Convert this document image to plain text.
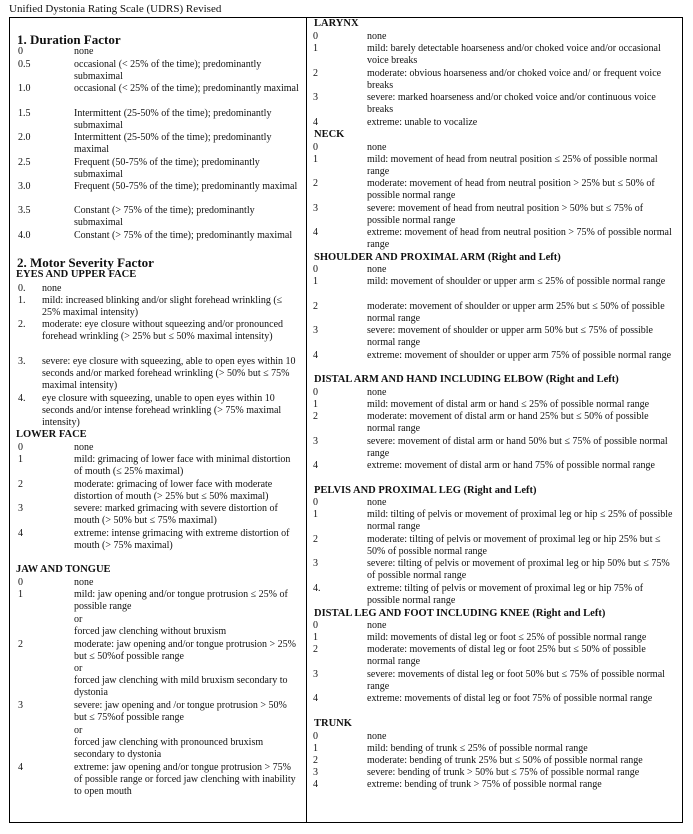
Unified Dystonia Rating Scale (UDRS) Revised
1. Duration Factor
0	none
0.5	occasional (< 25% of the time); predominantly submaximal
1.0	occasional (< 25% of the time); predominantly maximal
1.5	Intermittent (25-50% of the time); predominantly submaximal
2.0	Intermittent (25-50% of the time); predominantly maximal
2.5	Frequent (50-75% of the time); predominantly submaximal
3.0	Frequent (50-75% of the time); predominantly maximal
3.5	Constant (> 75% of the time); predominantly submaximal
4.0	Constant (> 75% of the time); predominantly maximal
2. Motor Severity Factor
EYES AND UPPER FACE
0. none
1. mild: increased blinking and/or slight forehead wrinkling (≤ 25% maximal intensity)
2. moderate: eye closure without squeezing and/or pronounced forehead wrinkling (> 25% but ≤ 50% maximal intensity)
3. severe: eye closure with squeezing, able to open eyes within 10 seconds and/or marked forehead wrinkling (> 50% but ≤ 75% maximal intensity)
4. eye closure with squeezing, unable to open eyes within 10 seconds and/or intense forehead wrinkling (> 75% maximal intensity)
LOWER FACE
0	none
1	mild: grimacing of lower face with minimal distortion of mouth (≤ 25% maximal)
2	moderate: grimacing of lower face with moderate distortion of mouth (> 25% but ≤ 50% maximal)
3	severe: marked grimacing with severe distortion of mouth (> 50% but ≤ 75% maximal)
4	extreme: intense grimacing with extreme distortion of mouth (> 75% maximal)
JAW AND TONGUE
0	none
1	mild: jaw opening and/or tongue protrusion ≤ 25% of possible range
or
forced jaw clenching without bruxism
2	moderate: jaw opening and/or tongue protrusion > 25% but ≤ 50%of possible range
or
forced jaw clenching with mild bruxism secondary to dystonia
3	severe: jaw opening and /or tongue protrusion > 50% but ≤ 75%of possible range
or
forced jaw clenching with pronounced bruxism secondary to dystonia
4	extreme: jaw opening and/or tongue protrusion > 75% of possible range or forced jaw clenching with inability to open mouth
LARYNX
0	none
1	mild: barely detectable hoarseness and/or choked voice and/or occasional voice breaks
2	moderate: obvious hoarseness and/or choked voice and/ or frequent voice breaks
3	severe: marked hoarseness and/or choked voice and/or continuous voice breaks
4	extreme: unable to vocalize
NECK
0	none
1	mild: movement of head from neutral position ≤ 25% of possible normal range
2	moderate: movement of head from neutral position > 25% but ≤ 50% of possible normal range
3	severe: movement of head from neutral position > 50% but ≤ 75% of possible normal range
4	extreme: movement of head from neutral position > 75% of possible normal range
SHOULDER AND PROXIMAL ARM (Right and Left)
0	none
1	mild: movement of shoulder or upper arm ≤ 25% of possible normal range
2	moderate: movement of shoulder or upper arm 25% but ≤ 50% of possible normal range
3	severe: movement of shoulder or upper arm 50% but ≤ 75% of possible normal range
4	extreme: movement of shoulder or upper arm 75% of possible normal range
DISTAL ARM AND HAND INCLUDING ELBOW (Right and Left)
0	none
1	mild: movement of distal arm or hand ≤ 25% of possible normal range
2	moderate: movement of distal arm or hand 25% but ≤ 50% of possible normal range
3	severe: movement of distal arm or hand 50% but ≤ 75% of possible normal range
4	extreme: movement of distal arm or hand 75% of possible normal range
PELVIS AND PROXIMAL LEG (Right and Left)
0	none
1	mild: tilting of pelvis or movement of proximal leg or hip ≤ 25% of possible normal range
2	moderate: tilting of pelvis or movement of proximal leg or hip 25% but ≤ 50% of possible normal range
3	severe: tilting of pelvis or movement of proximal leg or hip 50% but ≤ 75% of possible normal range
4.	extreme: tilting of pelvis or movement of proximal leg or hip 75% of possible normal range
DISTAL LEG AND FOOT INCLUDING KNEE (Right and Left)
0	none
1	mild: movements of distal leg or foot ≤ 25% of possible normal range
2	moderate: movements of distal leg or foot 25% but ≤ 50% of possible normal range
3	severe: movements of distal leg or foot 50% but ≤ 75% of possible normal range
4	extreme: movements of distal leg or foot 75% of possible normal range
TRUNK
0	none
1	mild: bending of trunk ≤ 25% of possible normal range
2	moderate: bending of trunk 25% but ≤ 50% of possible normal range
3	severe: bending of trunk > 50% but ≤ 75% of possible normal range
4	extreme: bending of trunk > 75% of possible normal range
